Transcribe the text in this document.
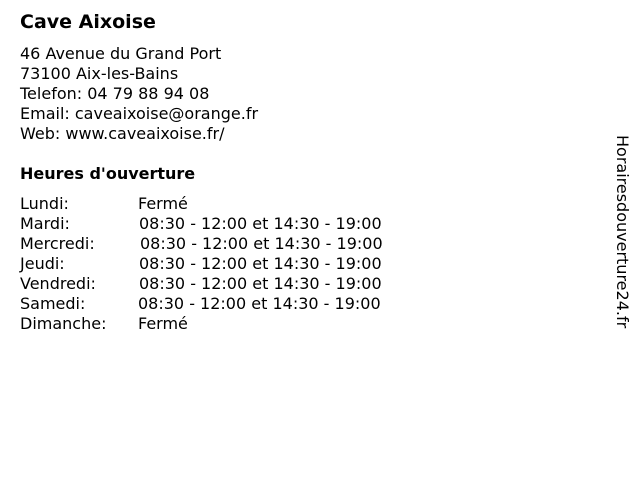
Cave Aixoise
46 Avenue du Grand Port
73100 Aix-les-Bains
Telefon: 04 79 88 94 08
Email: caveaixoise@orange.fr
Web: www.caveaixoise.fr/
Heures d'ouverture
Lundi:	Fermé
Mardi:	08:30 - 12:00 et 14:30 - 19:00
Mercredi:	08:30 - 12:00 et 14:30 - 19:00
Jeudi:	08:30 - 12:00 et 14:30 - 19:00
Vendredi:	08:30 - 12:00 et 14:30 - 19:00
Samedi:	08:30 - 12:00 et 14:30 - 19:00
Dimanche: Fermé	Horairesdouverture24.fr
